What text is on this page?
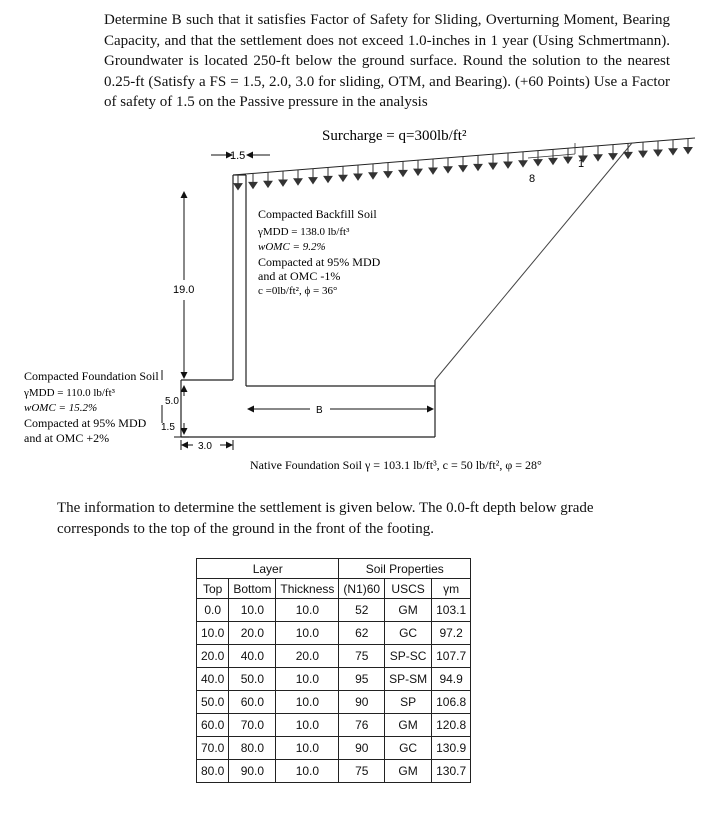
Determine B such that it satisfies Factor of Safety for Sliding, Overturning Moment, Bearing Capacity, and that the settlement does not exceed 1.0-inches in 1 year (Using Schmertmann). Groundwater is located 250-ft below the ground surface. Round the solution to the nearest 0.25-ft (Satisfy a FS = 1.5, 2.0, 3.0 for sliding, OTM, and Bearing). (+60 Points) Use a Factor of safety of 1.5 on the Passive pressure in the analysis
Surcharge = q=300lb/ft²
8
1
1.5
19.0
Compacted Backfill Soil
γMDD = 138.0 lb/ft³
wOMC = 9.2%
Compacted at 95% MDD
and at OMC -1%
c =0lb/ft², ϕ = 36°
Compacted Foundation Soil
γMDD = 110.0 lb/ft³
wOMC = 15.2%
Compacted at 95% MDD
and at OMC +2%
5.0
1.5
3.0
B
Native Foundation Soil γ = 103.1 lb/ft³, c = 50 lb/ft², φ = 28°
The information to determine the settlement is given below. The 0.0-ft depth below grade corresponds to the top of the ground in the front of the footing.
Layer			Soil Properties		
Top	Bottom	Thickness	(N1)60	USCS	γm
0.0	10.0	10.0	52	GM	103.1
10.0	20.0	10.0	62	GC	97.2
20.0	40.0	20.0	75	SP-SC	107.7
40.0	50.0	10.0	95	SP-SM	94.9
50.0	60.0	10.0	90	SP	106.8
60.0	70.0	10.0	76	GM	120.8
70.0	80.0	10.0	90	GC	130.9
80.0	90.0	10.0	75	GM	130.7
